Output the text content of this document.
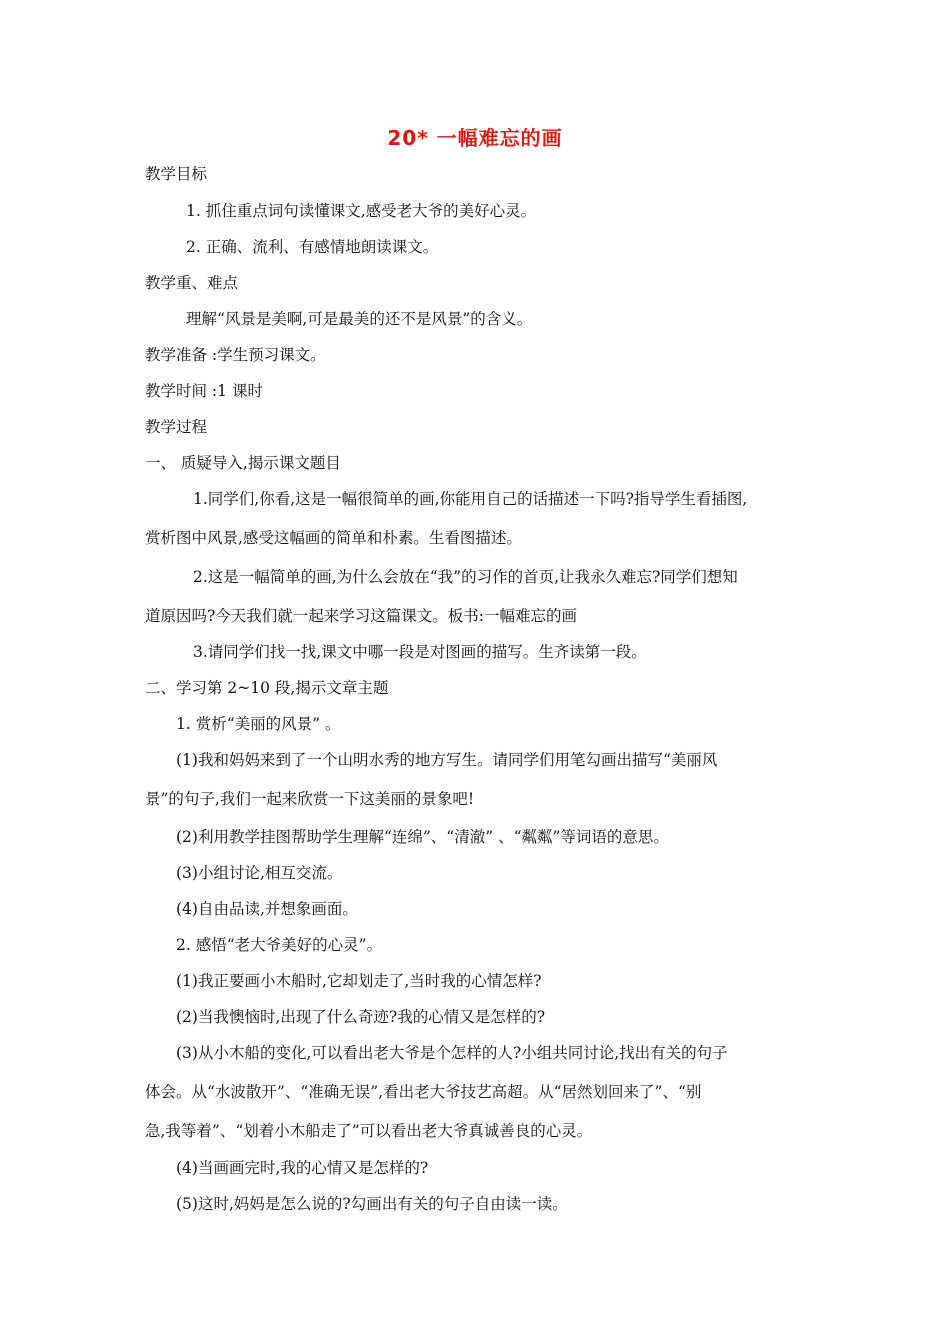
20* 一幅难忘的画
教学目标
1. 抓住重点词句读懂课文,感受老大爷的美好心灵。
2. 正确、流利、有感情地朗读课文。
教学重、难点
理解“风景是美啊,可是最美的还不是风景”的含义。
教学准备 :学生预习课文。
教学时间 :1 课时
教学过程
一、 质疑导入,揭示课文题目
1.同学们,你看,这是一幅很简单的画,你能用自己的话描述一下吗?指导学生看插图,
赏析图中风景,感受这幅画的简单和朴素。生看图描述。
2.这是一幅简单的画,为什么会放在“我”的习作的首页,让我永久难忘?同学们想知
道原因吗?今天我们就一起来学习这篇课文。板书:一幅难忘的画
3.请同学们找一找,课文中哪一段是对图画的描写。生齐读第一段。
二、学习第 2~10 段,揭示文章主题
1. 赏析“美丽的风景” 。
(1)我和妈妈来到了一个山明水秀的地方写生。请同学们用笔勾画出描写“美丽风
景”的句子,我们一起来欣赏一下这美丽的景象吧!
(2)利用教学挂图帮助学生理解“连绵”、“清澈” 、“粼粼”等词语的意思。
(3)小组讨论,相互交流。
(4)自由品读,并想象画面。
2. 感悟“老大爷美好的心灵”。
(1)我正要画小木船时,它却划走了,当时我的心情怎样?
(2)当我懊恼时,出现了什么奇迹?我的心情又是怎样的?
(3)从小木船的变化,可以看出老大爷是个怎样的人?小组共同讨论,找出有关的句子
体会。从“水波散开”、“准确无误”,看出老大爷技艺高超。从“居然划回来了”、“别
急,我等着”、“划着小木船走了”可以看出老大爷真诚善良的心灵。
(4)当画画完时,我的心情又是怎样的?
(5)这时,妈妈是怎么说的?勾画出有关的句子自由读一读。
